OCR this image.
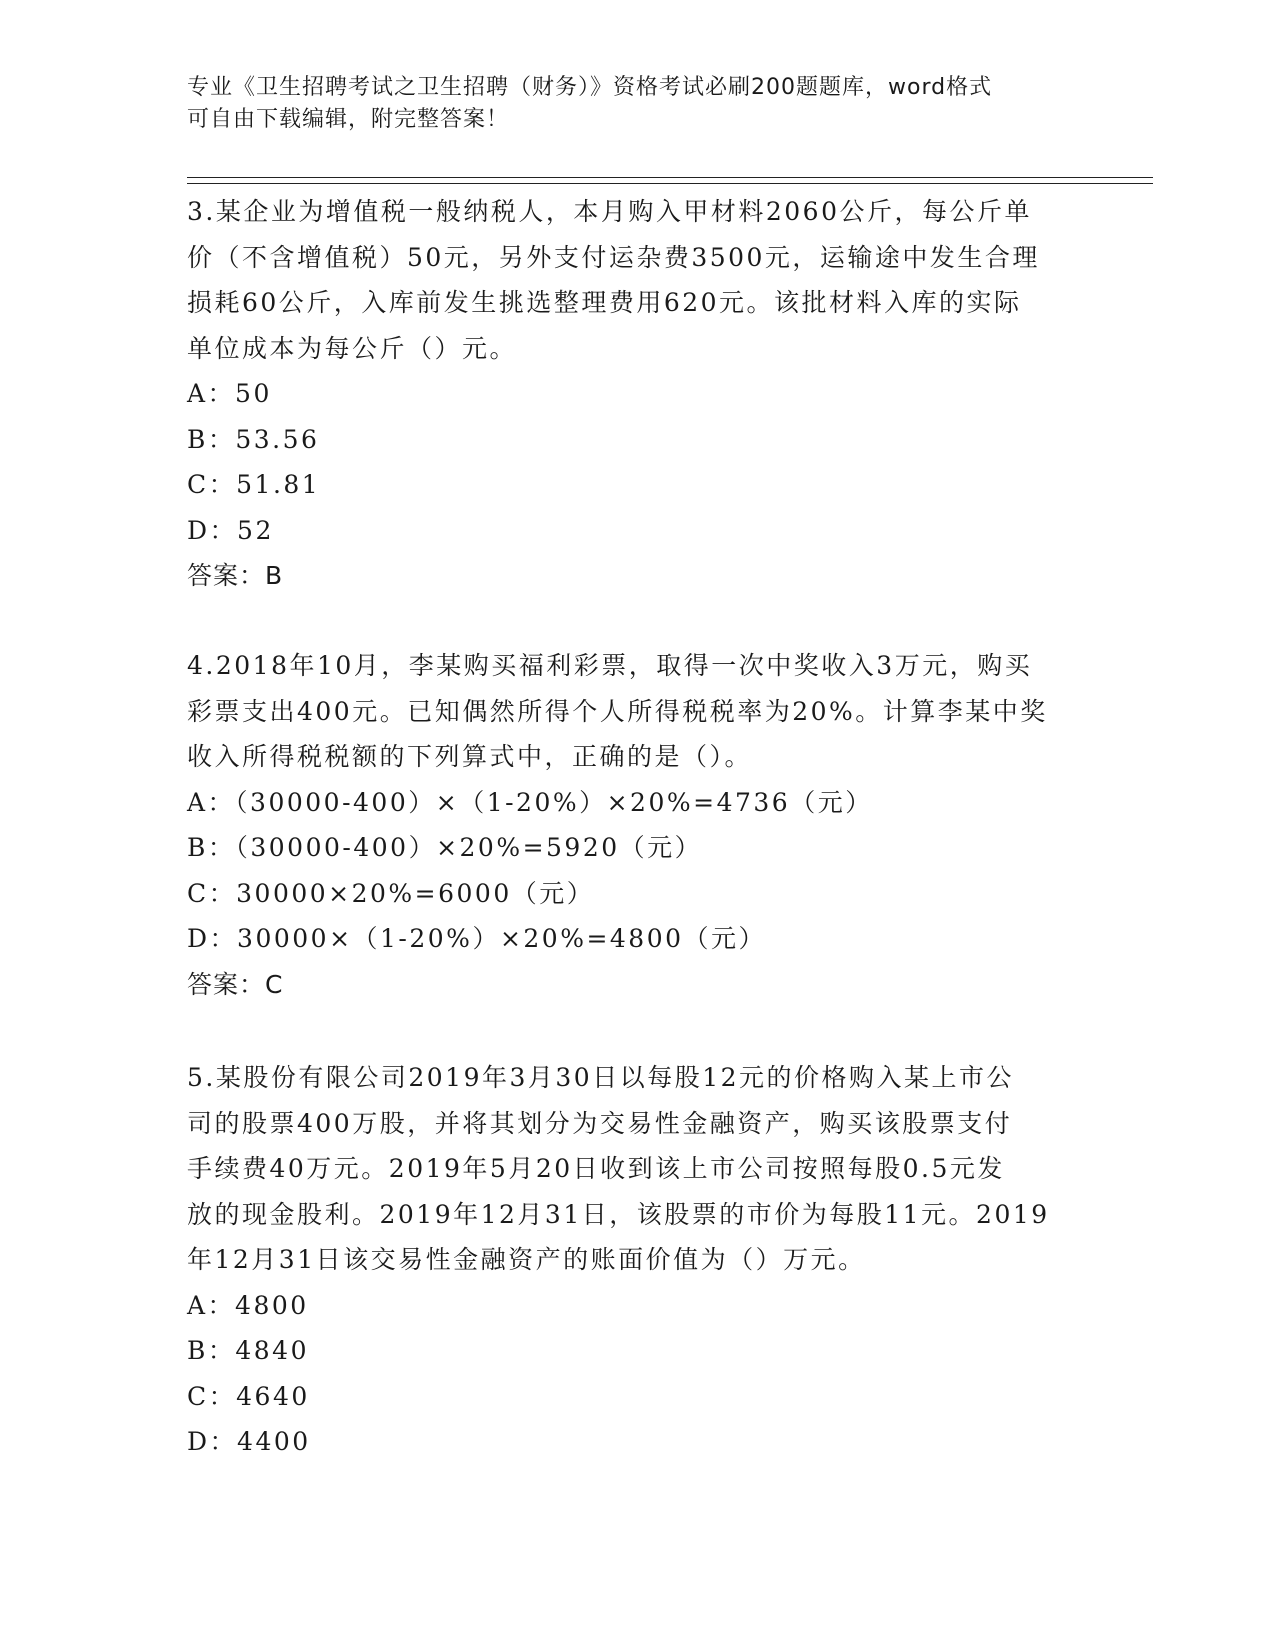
专业《卫生招聘考试之卫生招聘（财务）》资格考试必刷200题题库，word格式

可自由下载编辑，附完整答案！

3.某企业为增值税一般纳税人，本月购入甲材料2060公斤，每公斤单

价（不含增值税）50元，另外支付运杂费3500元，运输途中发生合理

损耗60公斤，入库前发生挑选整理费用620元。该批材料入库的实际

单位成本为每公斤（）元。

A：50

B：53.56

C：51.81

D：52

答案：B

4.2018年10月，李某购买福利彩票，取得一次中奖收入3万元，购买

彩票支出400元。已知偶然所得个人所得税税率为20%。计算李某中奖

收入所得税税额的下列算式中，正确的是（）。

A：（30000-400）×（1-20%）×20%=4736（元）

B：（30000-400）×20%=5920（元）

C：30000×20%=6000（元）

D：30000×（1-20%）×20%=4800（元）

答案：C

5.某股份有限公司2019年3月30日以每股12元的价格购入某上市公

司的股票400万股，并将其划分为交易性金融资产，购买该股票支付

手续费40万元。2019年5月20日收到该上市公司按照每股0.5元发

放的现金股利。2019年12月31日，该股票的市价为每股11元。2019

年12月31日该交易性金融资产的账面价值为（）万元。

A：4800

B：4840

C：4640

D：4400
